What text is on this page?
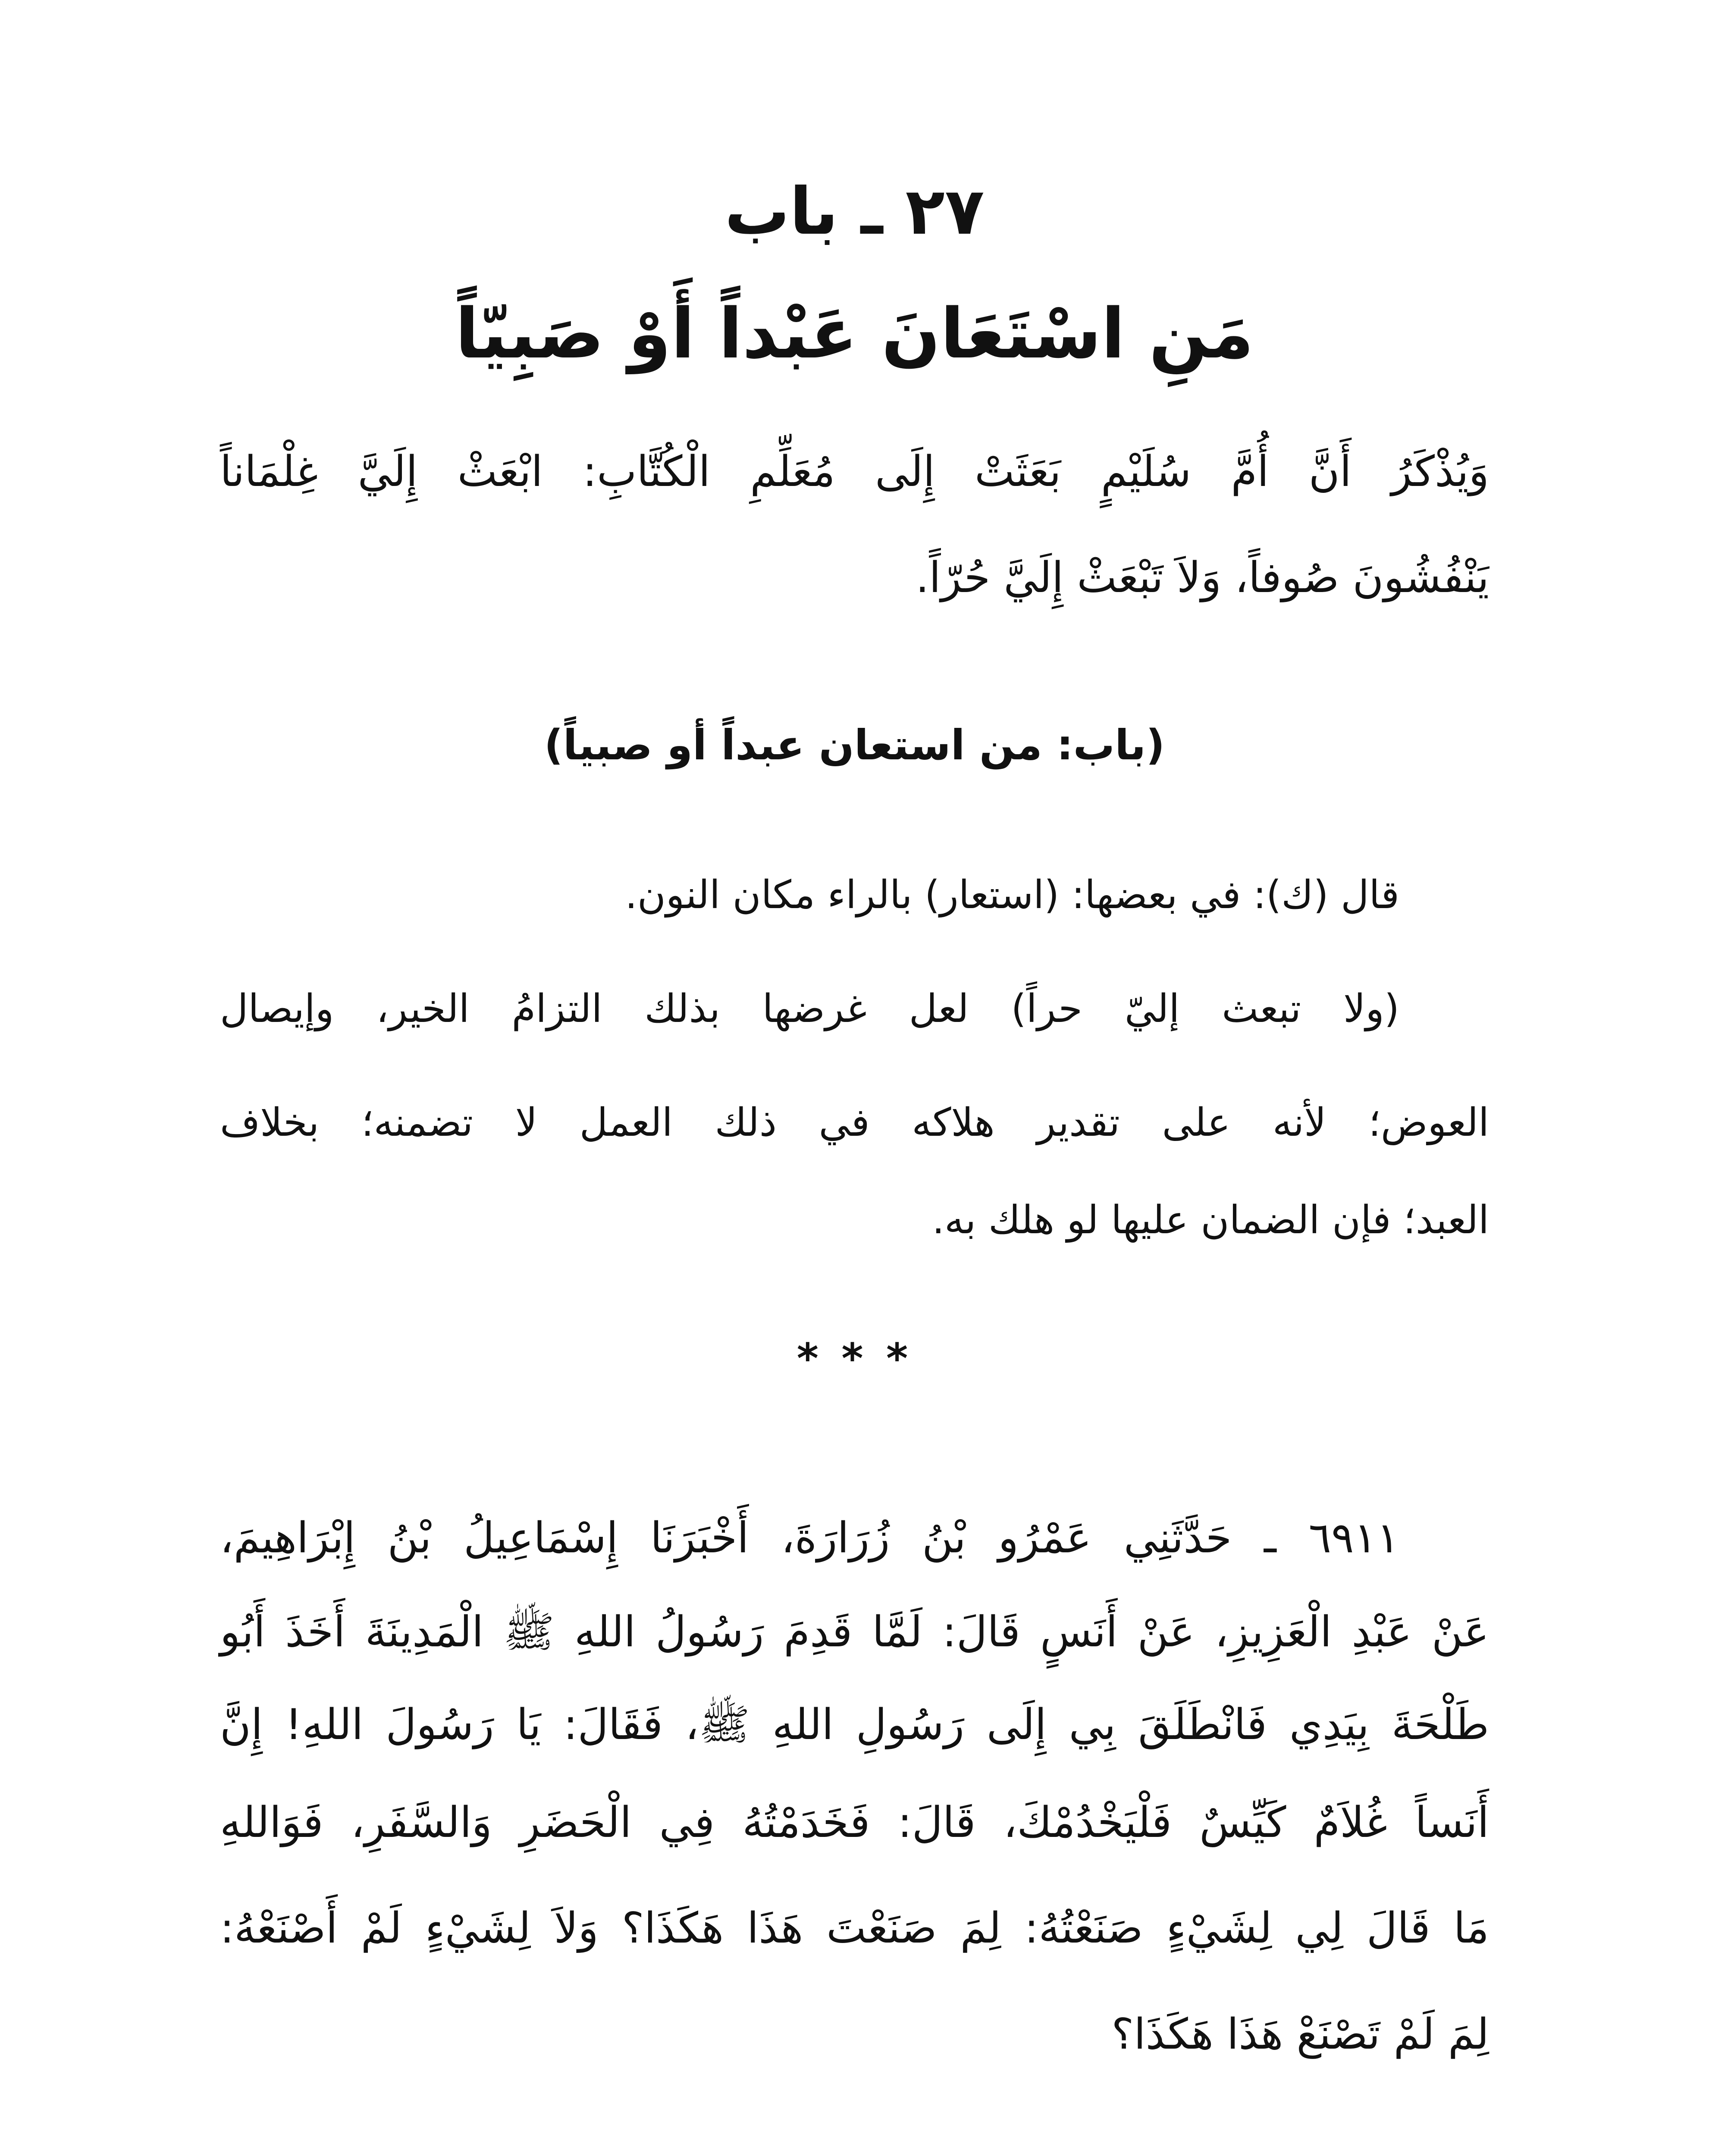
٢٧ ـ باب
مَنِ اسْتَعَانَ عَبْداً أَوْ صَبِيّاً
وَيُذْكَرُ أَنَّ أُمَّ سُلَيْمٍ بَعَثَتْ إِلَى مُعَلِّمِ الْكُتَّابِ: ابْعَثْ إِلَيَّ غِلْمَاناً
يَنْفُشُونَ صُوفاً، وَلاَ تَبْعَثْ إِلَيَّ حُرّاً.
(باب: من استعان عبداً أو صبياً)
قال (ك): في بعضها: (استعار) بالراء مكان النون.
(ولا تبعث إليّ حراً) لعل غرضها بذلك التزامُ الخير، وإيصال
العوض؛ لأنه على تقدير هلاكه في ذلك العمل لا تضمنه؛ بخلاف
العبد؛ فإن الضمان عليها لو هلك به.
* * *
٦٩١١ ـ حَدَّثَنِي عَمْرُو بْنُ زُرَارَةَ، أَخْبَرَنَا إِسْمَاعِيلُ بْنُ إِبْرَاهِيمَ،
عَنْ عَبْدِ الْعَزِيزِ، عَنْ أَنَسٍ قَالَ: لَمَّا قَدِمَ رَسُولُ اللهِ ﷺ الْمَدِينَةَ أَخَذَ أَبُو
طَلْحَةَ بِيَدِي فَانْطَلَقَ بِي إِلَى رَسُولِ اللهِ ﷺ، فَقَالَ: يَا رَسُولَ اللهِ! إِنَّ
أَنَساً غُلاَمٌ كَيِّسٌ فَلْيَخْدُمْكَ، قَالَ: فَخَدَمْتُهُ فِي الْحَضَرِ وَالسَّفَرِ، فَوَاللهِ
مَا قَالَ لِي لِشَيْءٍ صَنَعْتُهُ: لِمَ صَنَعْتَ هَذَا هَكَذَا؟ وَلاَ لِشَيْءٍ لَمْ أَصْنَعْهُ:
لِمَ لَمْ تَصْنَعْ هَذَا هَكَذَا؟
